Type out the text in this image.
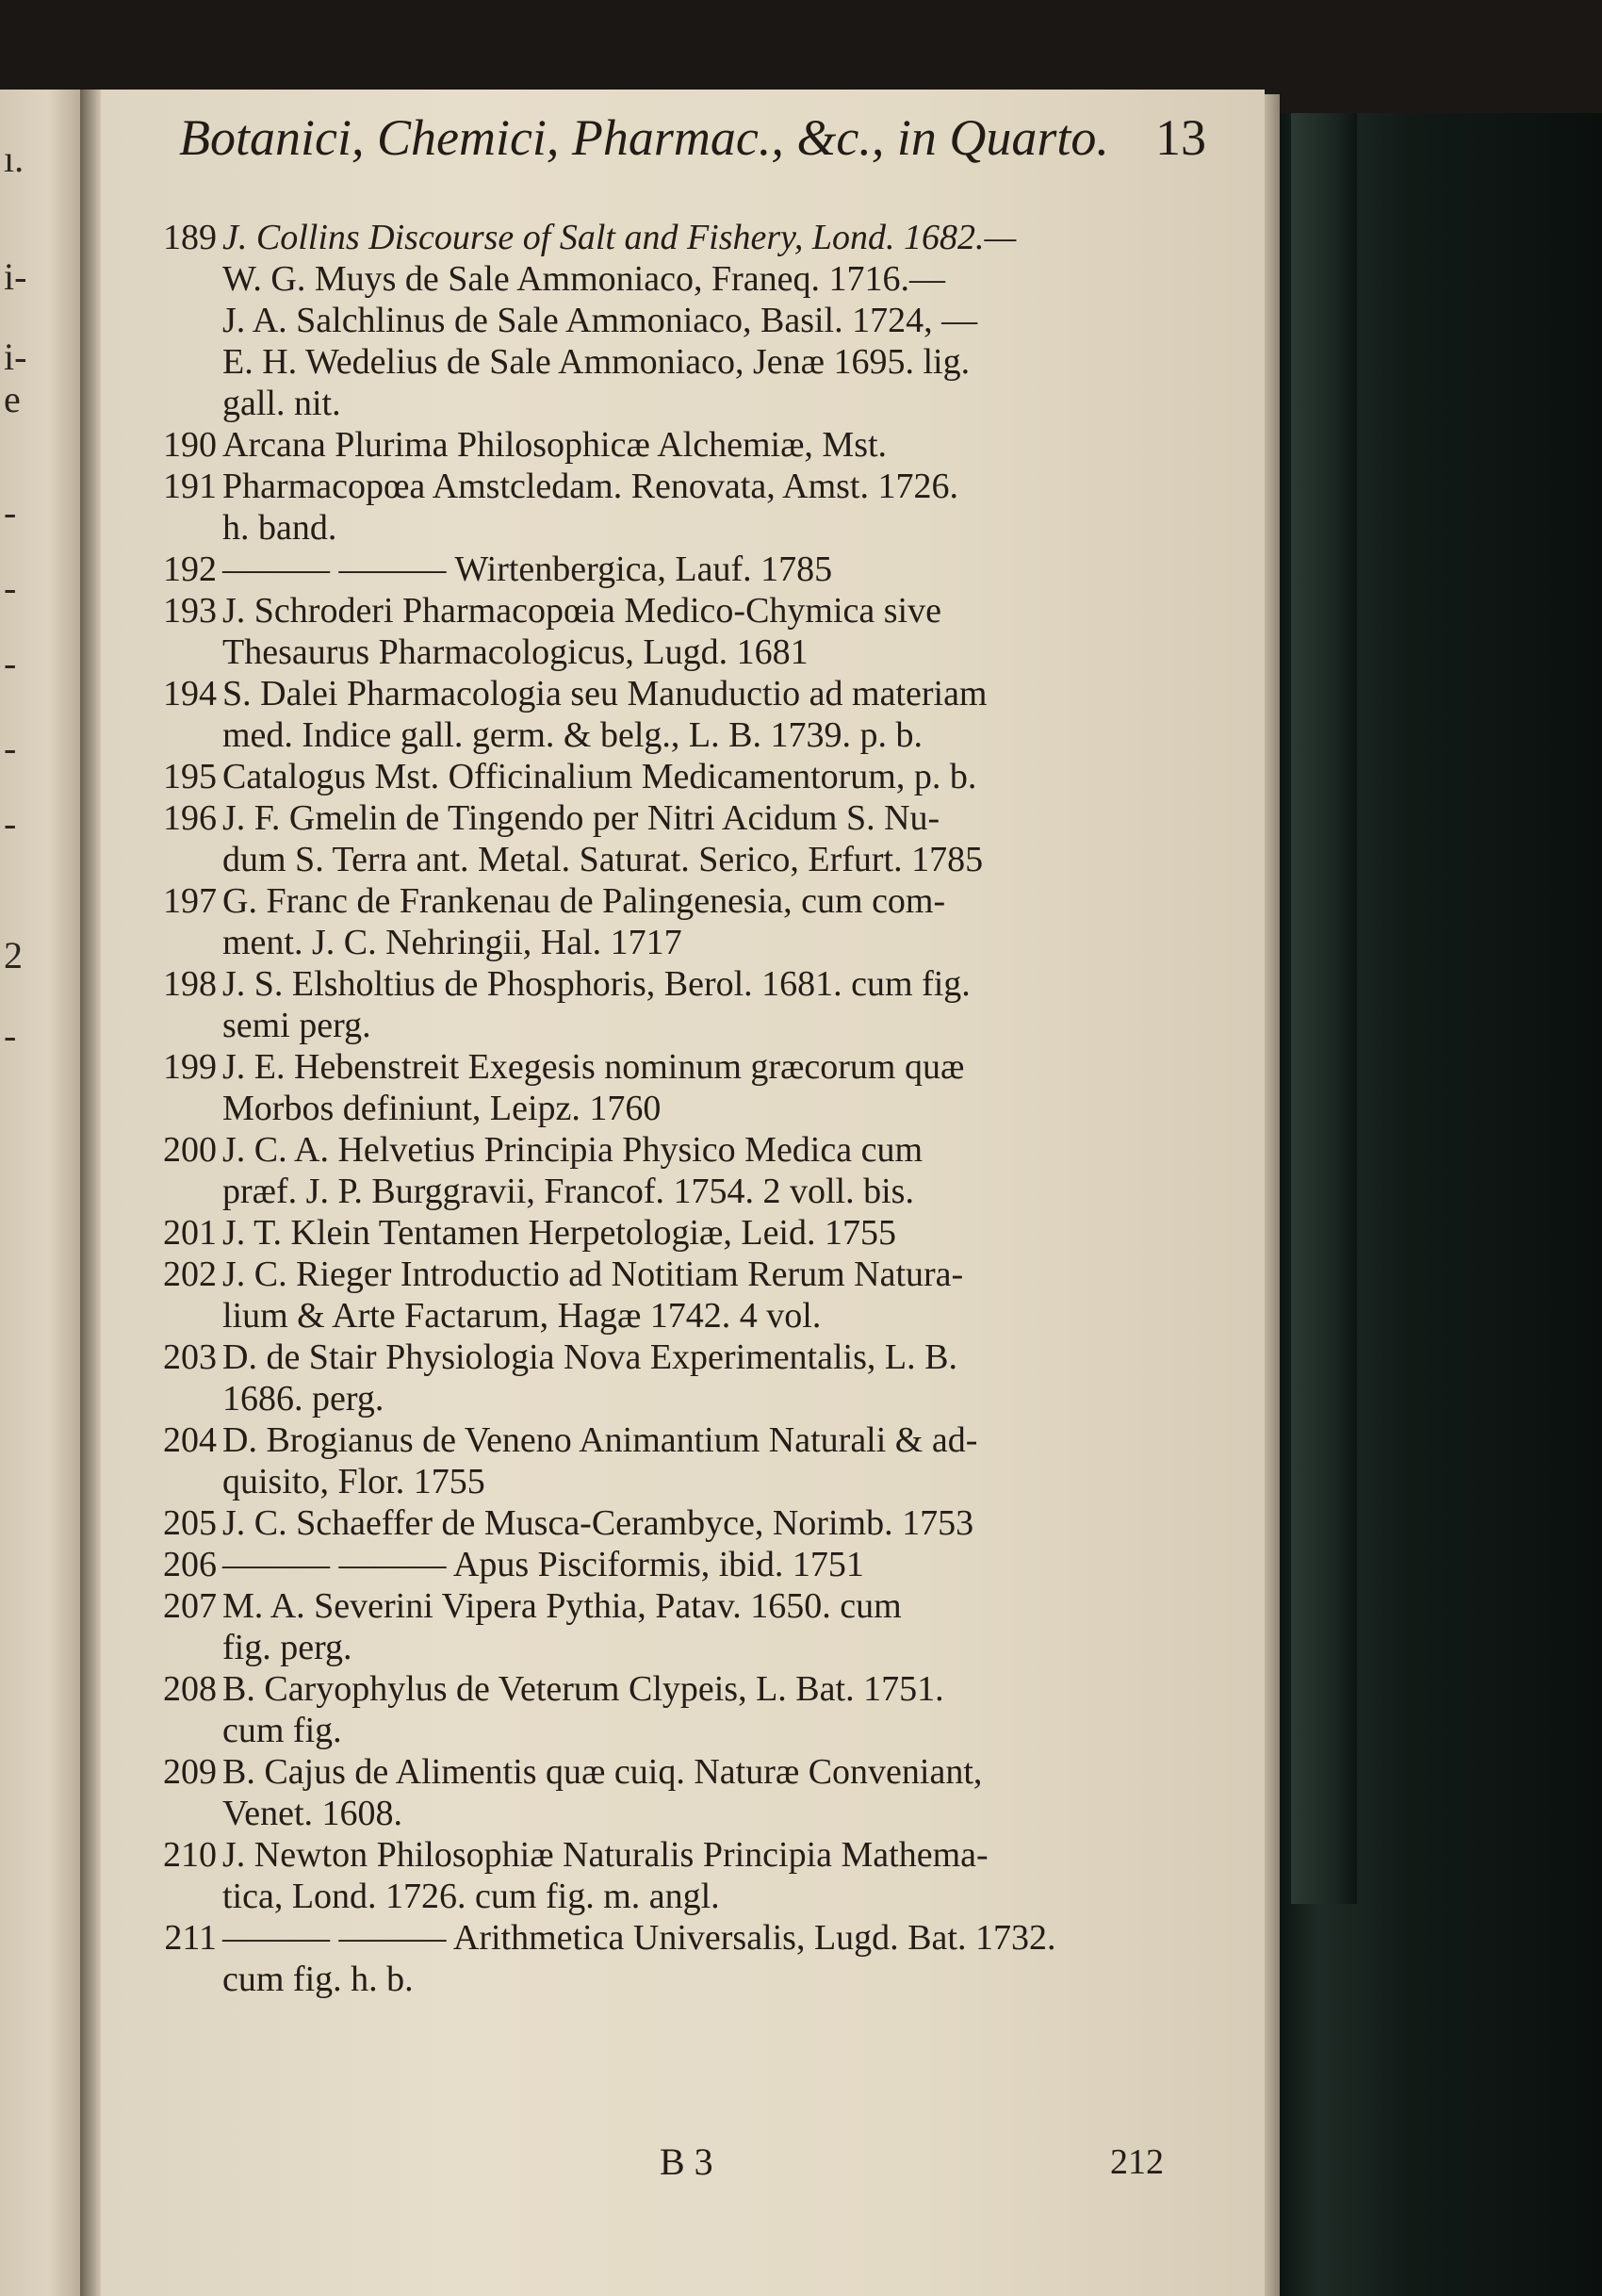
ı.
i-
i-
e
-
-
-
-
-
2
-
Botanici, Chemici, Pharmac., &c., in Quarto. 13
189 J. Collins Discourse of Salt and Fishery, Lond. 1682.—
W. G. Muys de Sale Ammoniaco, Franeq. 1716.—
J. A. Salchlinus de Sale Ammoniaco, Basil. 1724, —
E. H. Wedelius de Sale Ammoniaco, Jenæ 1695. lig.
gall. nit.
190 Arcana Plurima Philosophicæ Alchemiæ, Mst.
191 Pharmacopœa Amstcledam. Renovata, Amst. 1726.
h. band.
192 ——— ——— Wirtenbergica, Lauf. 1785
193 J. Schroderi Pharmacopœia Medico-Chymica sive
Thesaurus Pharmacologicus, Lugd. 1681
194 S. Dalei Pharmacologia seu Manuductio ad materiam
med. Indice gall. germ. & belg., L. B. 1739. p. b.
195 Catalogus Mst. Officinalium Medicamentorum, p. b.
196 J. F. Gmelin de Tingendo per Nitri Acidum S. Nu-
dum S. Terra ant. Metal. Saturat. Serico, Erfurt. 1785
197 G. Franc de Frankenau de Palingenesia, cum com-
ment. J. C. Nehringii, Hal. 1717
198 J. S. Elsholtius de Phosphoris, Berol. 1681. cum fig.
semi perg.
199 J. E. Hebenstreit Exegesis nominum græcorum quæ
Morbos definiunt, Leipz. 1760
200 J. C. A. Helvetius Principia Physico Medica cum
præf. J. P. Burggravii, Francof. 1754. 2 voll. bis.
201 J. T. Klein Tentamen Herpetologiæ, Leid. 1755
202 J. C. Rieger Introductio ad Notitiam Rerum Natura-
lium & Arte Factarum, Hagæ 1742. 4 vol.
203 D. de Stair Physiologia Nova Experimentalis, L. B.
1686. perg.
204 D. Brogianus de Veneno Animantium Naturali & ad-
quisito, Flor. 1755
205 J. C. Schaeffer de Musca-Cerambyce, Norimb. 1753
206 ——— ——— Apus Pisciformis, ibid. 1751
207 M. A. Severini Vipera Pythia, Patav. 1650. cum
fig. perg.
208 B. Caryophylus de Veterum Clypeis, L. Bat. 1751.
cum fig.
209 B. Cajus de Alimentis quæ cuiq. Naturæ Conveniant,
Venet. 1608.
210 J. Newton Philosophiæ Naturalis Principia Mathema-
tica, Lond. 1726. cum fig. m. angl.
211 ——— ——— Arithmetica Universalis, Lugd. Bat. 1732.
cum fig. h. b.
B 3	212
